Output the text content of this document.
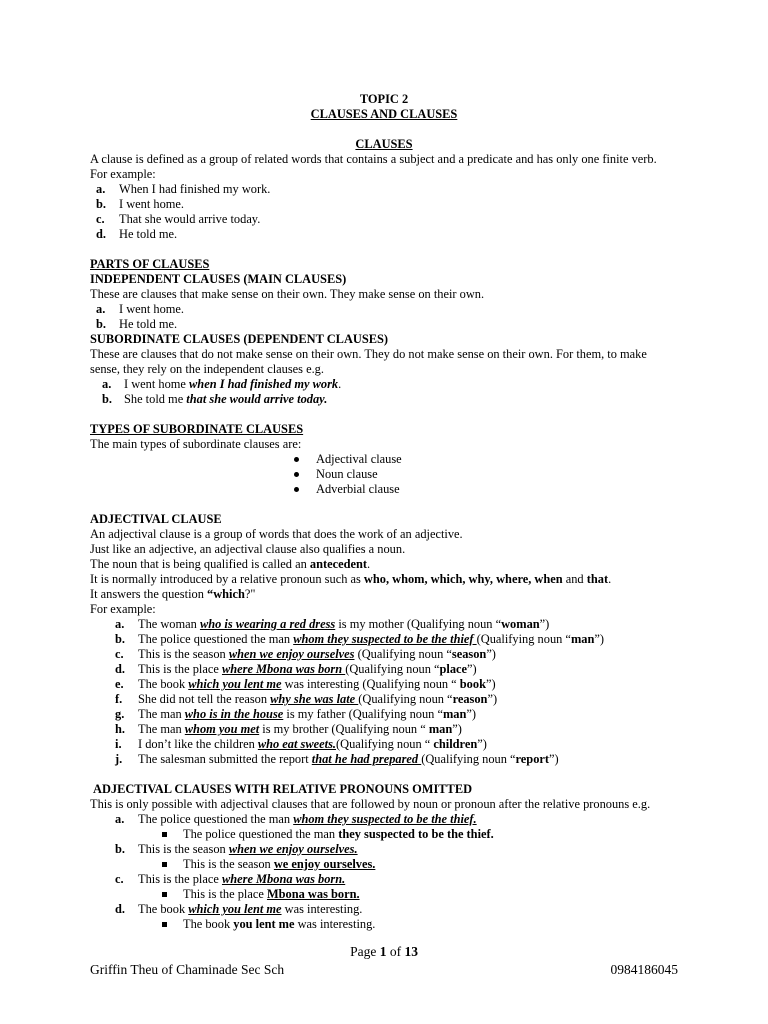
TOPIC 2

CLAUSES AND CLAUSES

CLAUSES

A clause is defined as a group of related words that contains a subject and a predicate and has only one finite verb.

For example:

a. When I had finished my work.
b. I went home.
c. That she would arrive today.
d. He told me.

PARTS OF CLAUSES

INDEPENDENT CLAUSES (MAIN CLAUSES)

These are clauses that make sense on their own. They make sense on their own.

a. I went home.
b. He told me.

SUBORDINATE CLAUSES (DEPENDENT CLAUSES)

These are clauses that do not make sense on their own. They do not make sense on their own. For them, to make sense, they rely on the independent clauses e.g.

a. I went home when I had finished my work.
b. She told me that she would arrive today.

TYPES OF SUBORDINATE CLAUSES

The main types of subordinate clauses are:

Adjectival clause
Noun clause
Adverbial clause

ADJECTIVAL CLAUSE

An adjectival clause is a group of words that does the work of an adjective.

Just like an adjective, an adjectival clause also qualifies a noun.

The noun that is being qualified is called an antecedent.

It is normally introduced by a relative pronoun such as who, whom, which, why, where, when and that.

It answers the question “which?"

For example:

a. The woman who is wearing a red dress is my mother (Qualifying noun “woman”)
b. The police questioned the man whom they suspected to be the thief (Qualifying noun “man”)
c. This is the season when we enjoy ourselves (Qualifying noun “season”)
d. This is the place where Mbona was born (Qualifying noun “place”)
e. The book which you lent me was interesting (Qualifying noun “ book”)
f. She did not tell the reason why she was late (Qualifying noun “reason”)
g. The man who is in the house is my father (Qualifying noun “man”)
h. The man whom you met is my brother (Qualifying noun “ man”)
i. I don’t like the children who eat sweets.(Qualifying noun “ children”)
j. The salesman submitted the report that he had prepared (Qualifying noun “report”)

ADJECTIVAL CLAUSES WITH RELATIVE PRONOUNS OMITTED

This is only possible with adjectival clauses that are followed by noun or pronoun after the relative pronouns e.g.

a. The police questioned the man whom they suspected to be the thief.
The police questioned the man they suspected to be the thief.
b. This is the season when we enjoy ourselves.
This is the season we enjoy ourselves.
c. This is the place where Mbona was born.
This is the place Mbona was born.
d. The book which you lent me was interesting.
The book you lent me was interesting.
Page 1 of 13
Griffin Theu of Chaminade Sec Sch	0984186045
